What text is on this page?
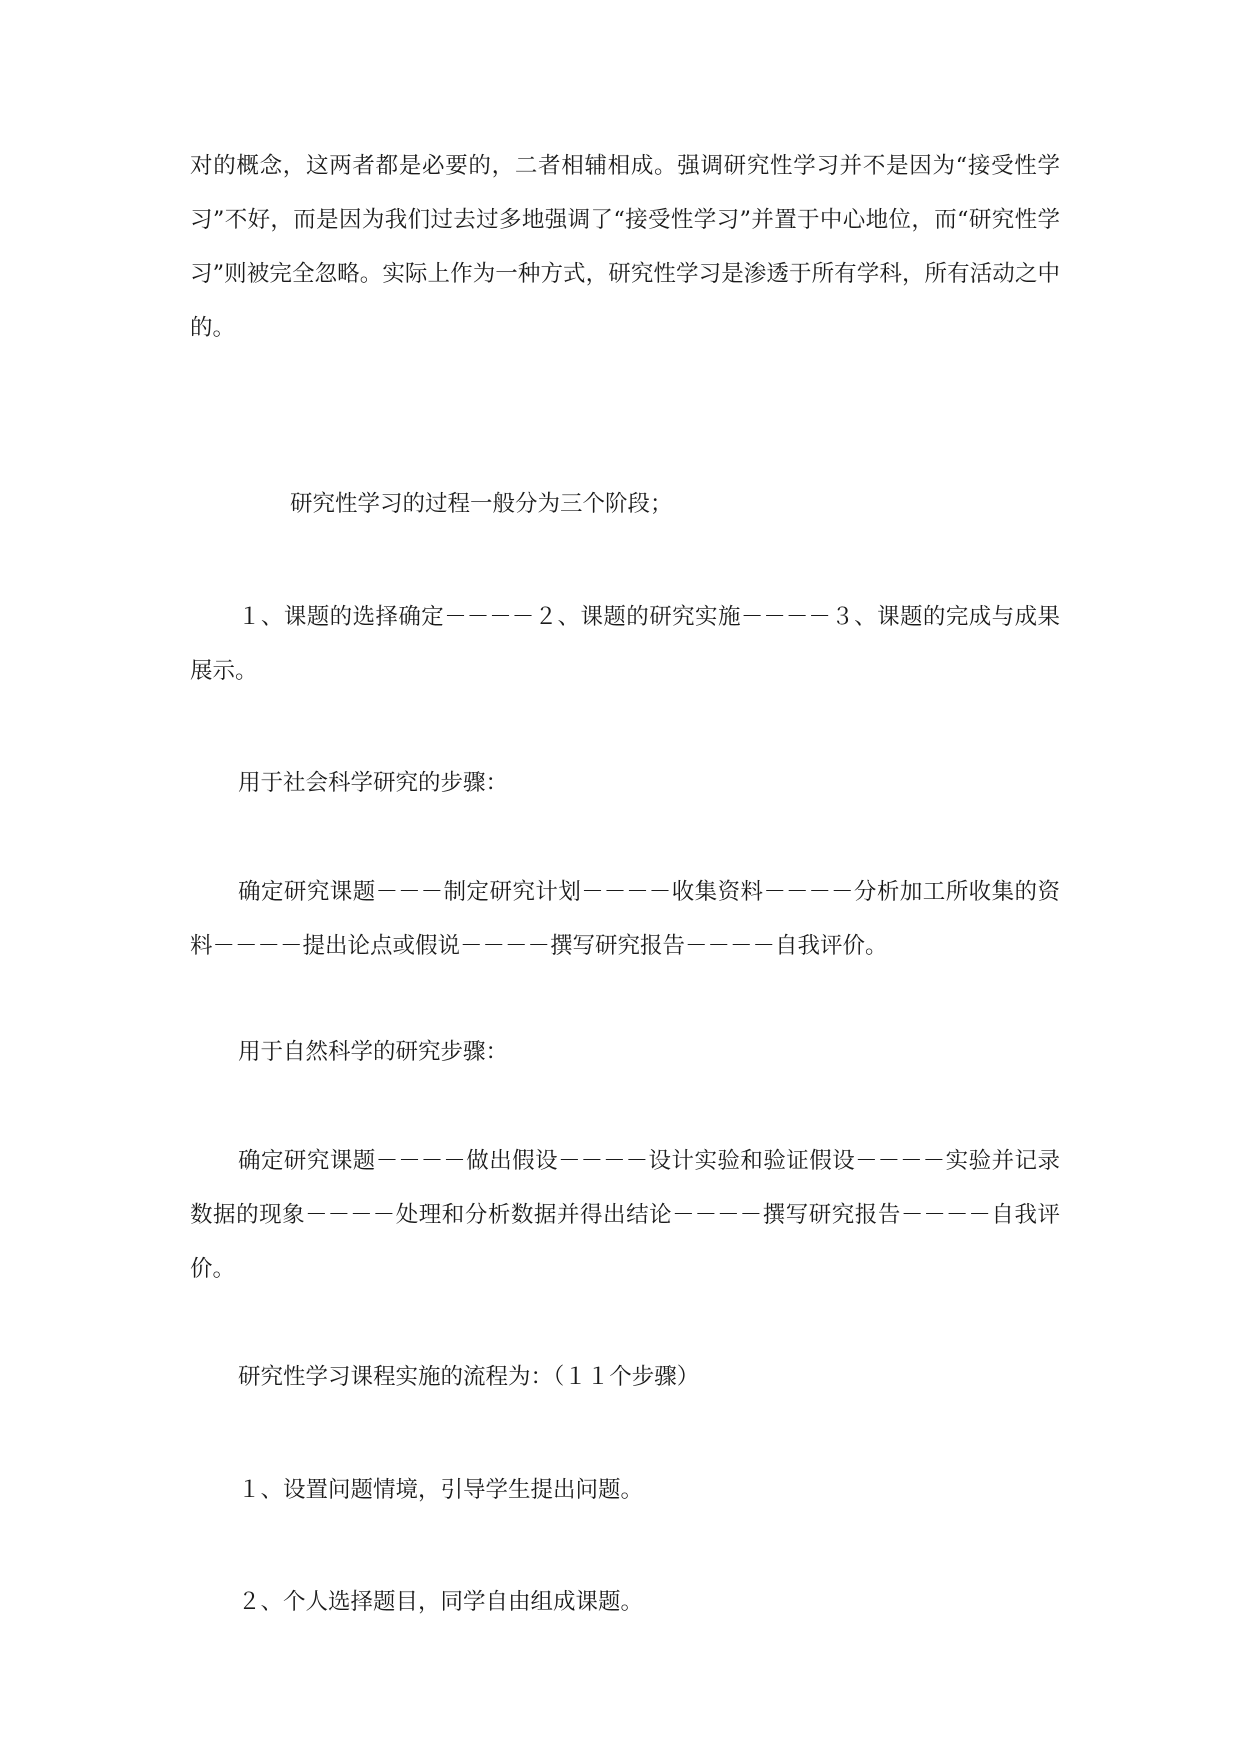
对的概念，这两者都是必要的，二者相辅相成。强调研究性学习并不是因为“接受性学习”不好，而是因为我们过去过多地强调了“接受性学习”并置于中心地位，而“研究性学习”则被完全忽略。实际上作为一种方式，研究性学习是渗透于所有学科，所有活动之中的。

研究性学习的过程一般分为三个阶段；

１、课题的选择确定－－－－２、课题的研究实施－－－－３、课题的完成与成果展示。

用于社会科学研究的步骤：

确定研究课题－－－制定研究计划－－－－收集资料－－－－分析加工所收集的资料－－－－提出论点或假说－－－－撰写研究报告－－－－自我评价。

用于自然科学的研究步骤：

确定研究课题－－－－做出假设－－－－设计实验和验证假设－－－－实验并记录数据的现象－－－－处理和分析数据并得出结论－－－－撰写研究报告－－－－自我评价。

研究性学习课程实施的流程为：（１１个步骤）

１、设置问题情境，引导学生提出问题。

２、个人选择题目，同学自由组成课题。
